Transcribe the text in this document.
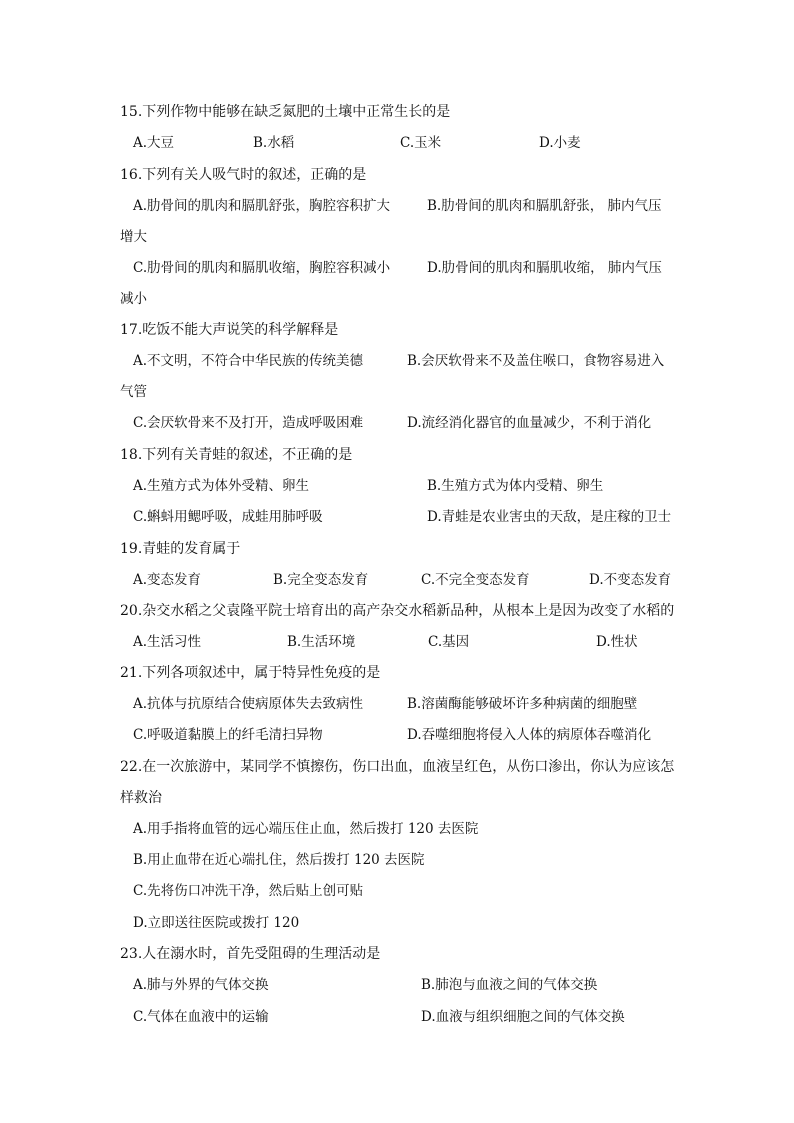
15.下列作物中能够在缺乏氮肥的土壤中正常生长的是
A.大豆	B.水稻	C.玉米	D.小麦
16.下列有关人吸气时的叙述，正确的是
A.肋骨间的肌肉和膈肌舒张，胸腔容积扩大	B.肋骨间的肌肉和膈肌舒张， 肺内气压
增大
C.肋骨间的肌肉和膈肌收缩，胸腔容积减小	D.肋骨间的肌肉和膈肌收缩， 肺内气压
减小
17.吃饭不能大声说笑的科学解释是
A.不文明，不符合中华民族的传统美德	B.会厌软骨来不及盖住喉口，食物容易进入
气管
C.会厌软骨来不及打开，造成呼吸困难	D.流经消化器官的血量减少，不利于消化
18.下列有关青蛙的叙述，不正确的是
A.生殖方式为体外受精、卵生	B.生殖方式为体内受精、卵生
C.蝌蚪用鳃呼吸，成蛙用肺呼吸	D.青蛙是农业害虫的天敌，是庄稼的卫士
19.青蛙的发育属于
A.变态发育	B.完全变态发育	C.不完全变态发育	D.不变态发育
20.杂交水稻之父袁隆平院士培育出的高产杂交水稻新品种，从根本上是因为改变了水稻的
A.生活习性	B.生活环境	C.基因	D.性状
21.下列各项叙述中，属于特异性免疫的是
A.抗体与抗原结合使病原体失去致病性	B.溶菌酶能够破坏许多种病菌的细胞壁
C.呼吸道黏膜上的纤毛清扫异物	D.吞噬细胞将侵入人体的病原体吞噬消化
22.在一次旅游中，某同学不慎擦伤，伤口出血，血液呈红色，从伤口渗出，你认为应该怎
样救治
A.用手指将血管的远心端压住止血，然后拨打 120 去医院
B.用止血带在近心端扎住，然后拨打 120 去医院
C.先将伤口冲洗干净，然后贴上创可贴
D.立即送往医院或拨打 120
23.人在溺水时，首先受阻碍的生理活动是
A.肺与外界的气体交换	B.肺泡与血液之间的气体交换
C.气体在血液中的运输	D.血液与组织细胞之间的气体交换
